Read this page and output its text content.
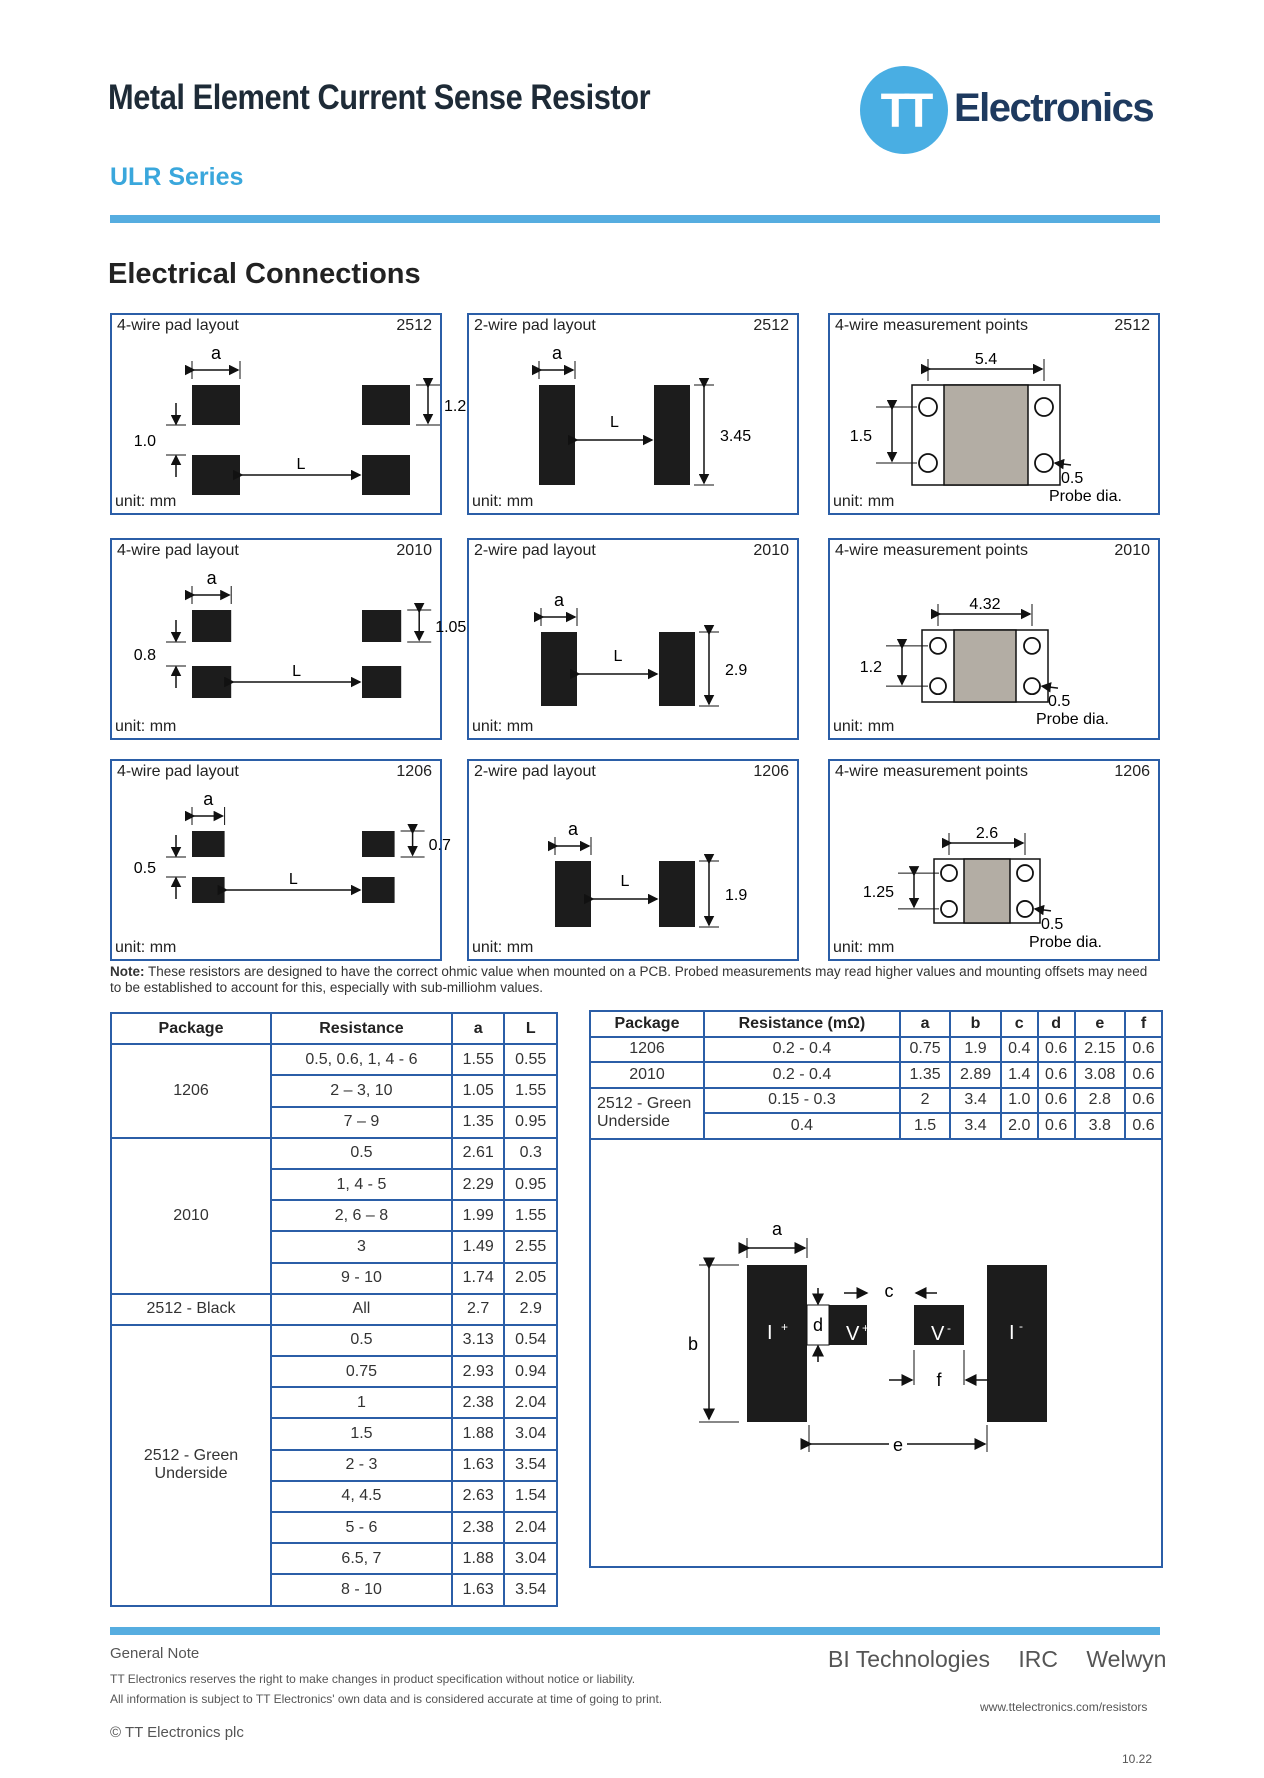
Metal Element Current Sense Resistor	TT Electronics
ULR Series
Electrical Connections
a
1.2
1.0
L
4-wire pad layout	2512
unit: mm
a
L
3.45
2-wire pad layout	2512
unit: mm
5.4
1.5
0.5
Probe dia.
4-wire measurement points	2512
unit: mm
a
1.05
0.8
L
4-wire pad layout	2010
unit: mm
a
L
2.9
2-wire pad layout	2010
unit: mm
4.32
1.2
0.5
Probe dia.
4-wire measurement points	2010
unit: mm
a
0.7
0.5
L
4-wire pad layout	1206
unit: mm
a
L
1.9
2-wire pad layout	1206
unit: mm
2.6
1.25
0.5
Probe dia.
4-wire measurement points	1206
unit: mm
Note: These resistors are designed to have the correct ohmic value when mounted on a PCB. Probed measurements may read higher values and mounting offsets may need to be established to account for this, especially with sub-milliohm values.
Package	Resistance	a	L
1206	0.5, 0.6, 1, 4 - 6	1.55	0.55
	2 – 3, 10	1.05	1.55
	7 – 9	1.35	0.95
2010	0.5	2.61	0.3
	1, 4 - 5	2.29	0.95
	2, 6 – 8	1.99	1.55
	3	1.49	2.55
	9 - 10	1.74	2.05
2512 - Black	All	2.7	2.9
2512 - Green Underside	0.5	3.13	0.54
	0.75	2.93	0.94
	1	2.38	2.04
	1.5	1.88	3.04
	2 - 3	1.63	3.54
	4, 4.5	2.63	1.54
	5 - 6	2.38	2.04
	6.5, 7	1.88	3.04
	8 - 10	1.63	3.54
Package	Resistance (mΩ)	a	b	c	d	e	f
1206	0.2 - 0.4	0.75	1.9	0.4	0.6	2.15	0.6
2010	0.2 - 0.4	1.35	2.89	1.4	0.6	3.08	0.6
2512 - Green Underside	0.15 - 0.3	2	3.4	1.0	0.6	2.8	0.6
	0.4	1.5	3.4	2.0	0.6	3.8	0.6
I +	V +	V -	I -
a
b
c
d
f
e
General Note
TT Electronics reserves the right to make changes in product specification without notice or liability.
All information is subject to TT Electronics' own data and is considered accurate at time of going to print.
BI Technologies IRC Welwyn
www.ttelectronics.com/resistors
© TT Electronics plc
10.22
